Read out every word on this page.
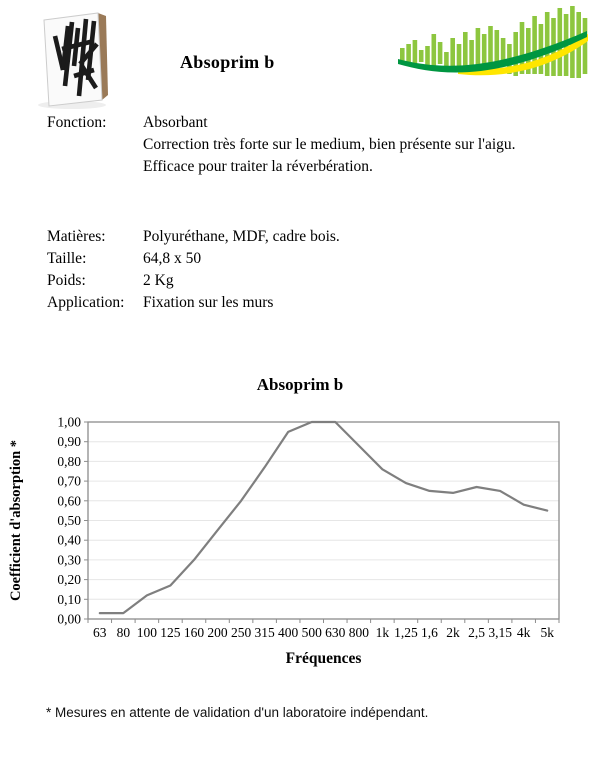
Absoprim b
Fonction:	Absorbant
Correction très forte sur le medium, bien présente sur l'aigu.
Efficace pour traiter la réverbération.
Matières:	Polyuréthane, MDF, cadre bois.
Taille:	64,8 x 50
Poids:	2 Kg
Application:	Fixation sur les murs
Absoprim b
0,00
0,10
0,20
0,30
0,40
0,50
0,60
0,70
0,80
0,90
1,00
63 80 100 125 160 200 250 315 400 500 630 800 1k 1,25 1,6 2k 2,5 3,15 4k 5k
Coefficient d'absorption *
Fréquences
* Mesures en attente de validation d'un laboratoire indépendant.
